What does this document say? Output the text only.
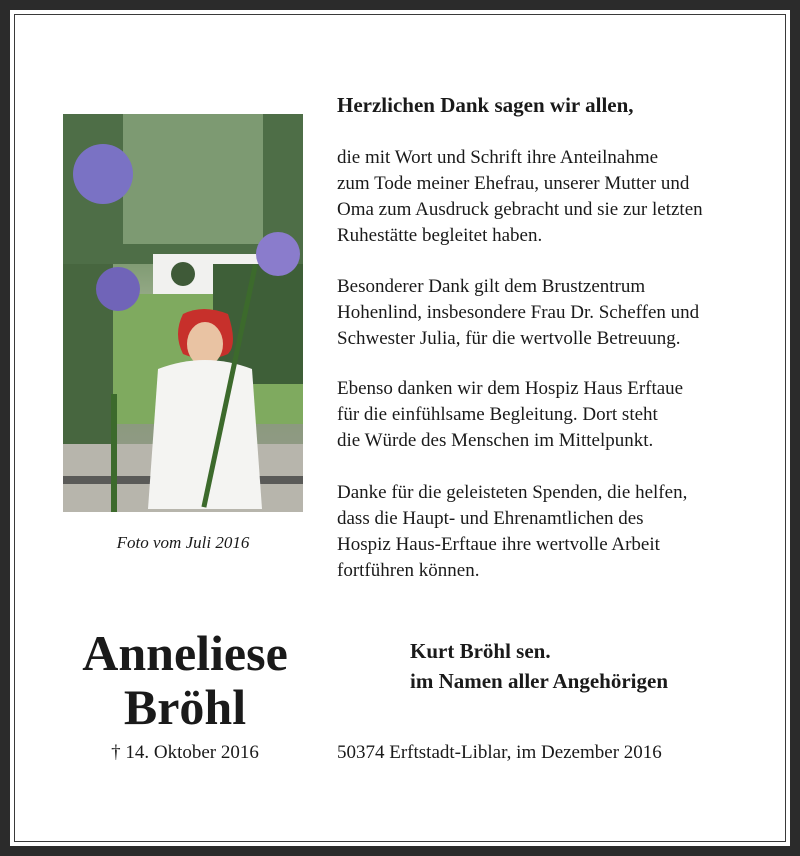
Foto vom Juli 2016
Herzlichen Dank sagen wir allen,
die mit Wort und Schrift ihre Anteilnahme
zum Tode meiner Ehefrau, unserer Mutter und
Oma zum Ausdruck gebracht und sie zur letzten
Ruhestätte begleitet haben.
Besonderer Dank gilt dem Brustzentrum
Hohenlind, insbesondere Frau Dr. Scheffen und
Schwester Julia, für die wertvolle Betreuung.
Ebenso danken wir dem Hospiz Haus Erftaue
für die einfühlsame Begleitung. Dort steht
die Würde des Menschen im Mittelpunkt.
Danke für die geleisteten Spenden, die helfen,
dass die Haupt- und Ehrenamtlichen des
Hospiz Haus-Erftaue ihre wertvolle Arbeit
fortführen können.
Anneliese
Bröhl
† 14. Oktober 2016
Kurt Bröhl sen.
im Namen aller Angehörigen
50374 Erftstadt-Liblar, im Dezember 2016
